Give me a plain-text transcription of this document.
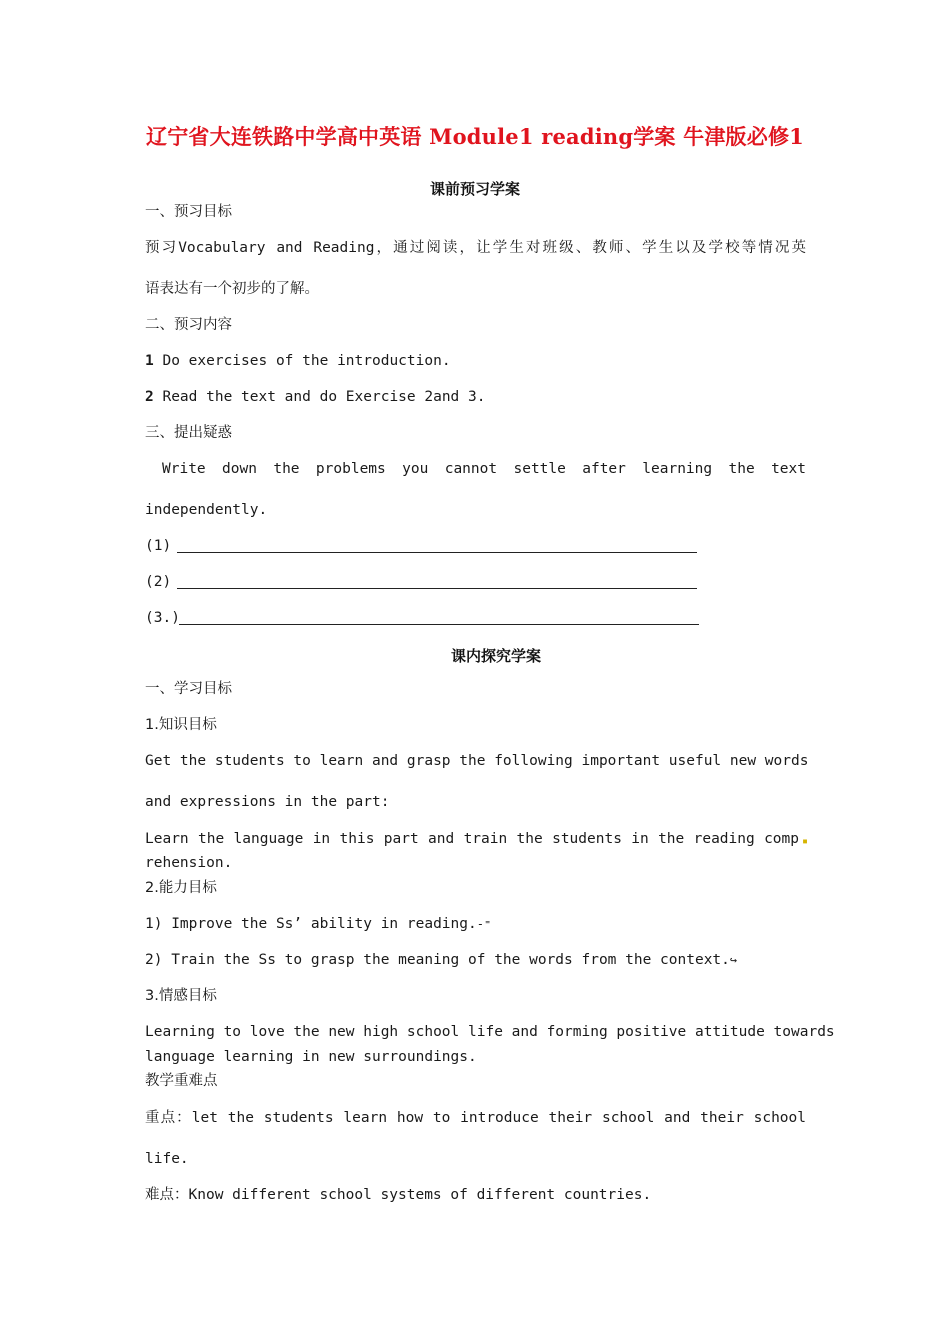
辽宁省大连铁路中学高中英语 Module1 reading学案 牛津版必修1
课前预习学案
一、预习目标
预习Vocabulary and Reading，通过阅读，让学生对班级、教师、学生以及学校等情况英
语表达有一个初步的了解。
二、预习内容
1 Do exercises of the introduction.
2 Read the text and do Exercise 2and 3.
三、提出疑惑
Write down the problems you cannot settle after learning the text
independently.
(1)
(2)
(3.)
课内探究学案
一、学习目标
1.知识目标
Get the students to learn and grasp the following important useful new words
and expressions in the part:
Learn the language in this part and train the students in the reading comp ▪
rehension.
2.能力目标
1) Improve the Ss’ ability in reading.-⁼
2) Train the Ss to grasp the meaning of the words from the context.↪
3.情感目标
Learning to love the new high school life and forming positive attitude towards
language learning in new surroundings.
教学重难点
重点：let the students learn how to introduce their school and their school
life.
难点：Know different school systems of different countries.
